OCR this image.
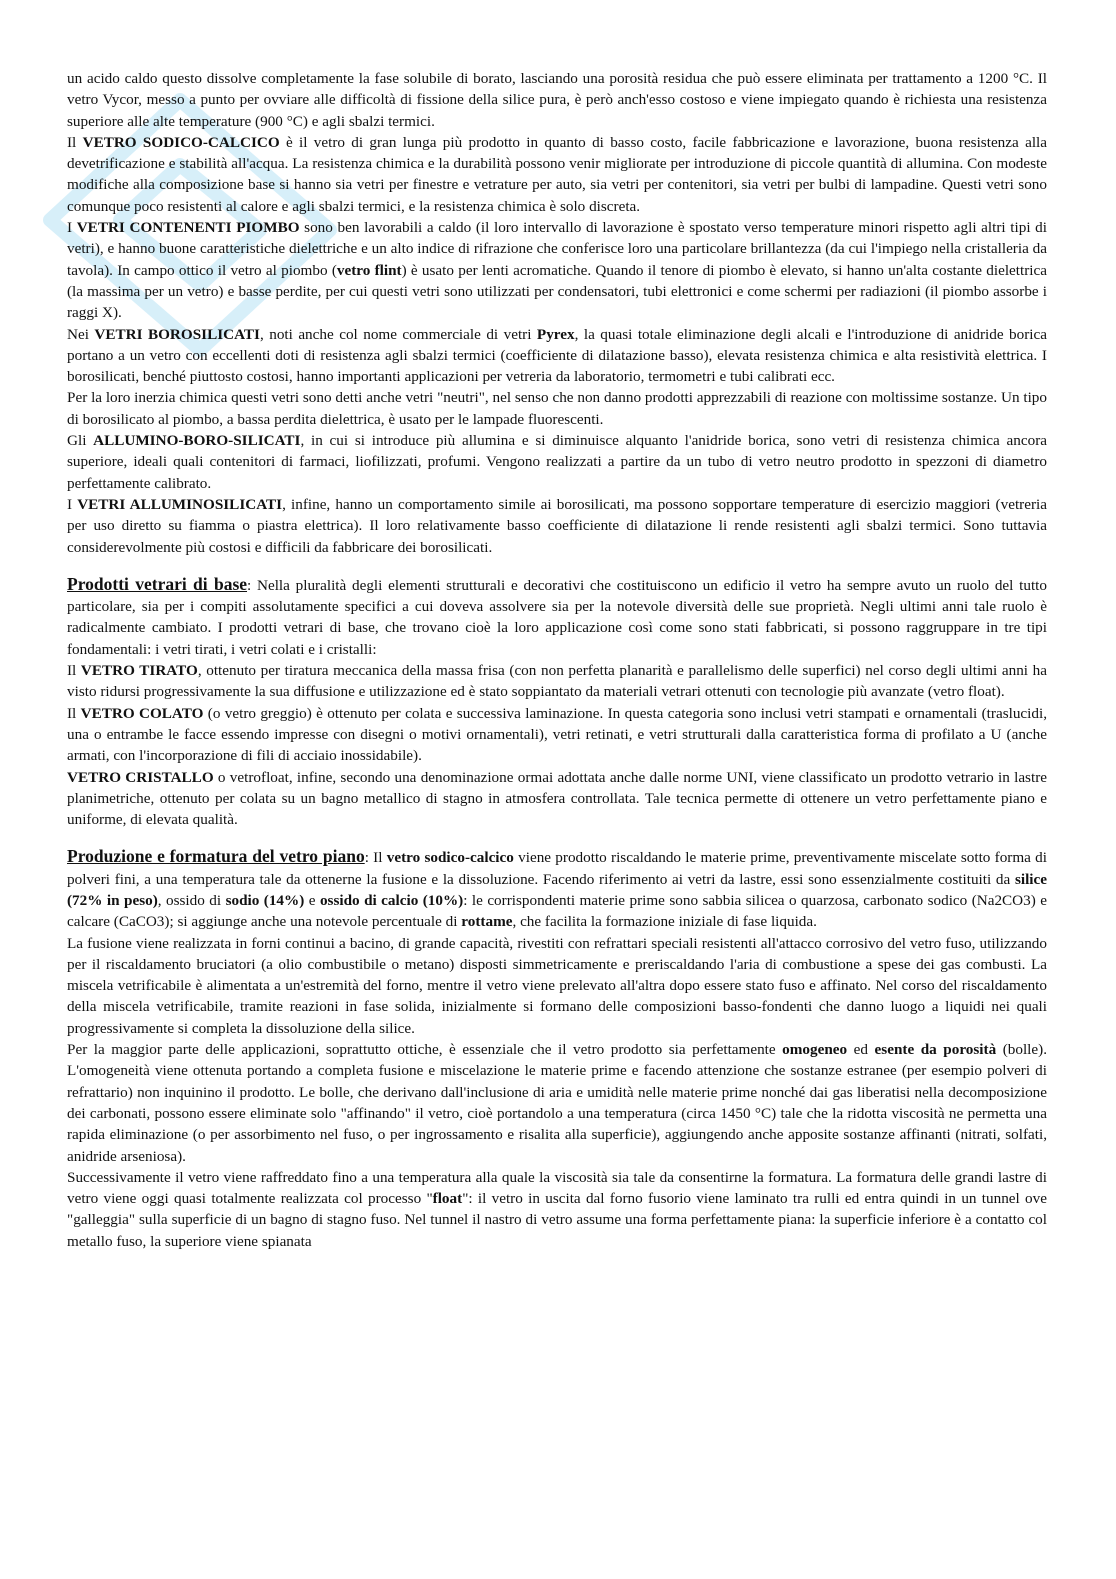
un acido caldo questo dissolve completamente la fase solubile di borato, lasciando una porosità residua che può essere eliminata per trattamento a 1200 °C. Il vetro Vycor, messo a punto per ovviare alle difficoltà di fissione della silice pura, è però anch'esso costoso e viene impiegato quando è richiesta una resistenza superiore alle alte temperature (900 °C) e agli sbalzi termici.

Il VETRO SODICO-CALCICO è il vetro di gran lunga più prodotto in quanto di basso costo, facile fabbricazione e lavorazione, buona resistenza alla devetrificazione e stabilità all'acqua. La resistenza chimica e la durabilità possono venir migliorate per introduzione di piccole quantità di allumina. Con modeste modifiche alla composizione base si hanno sia vetri per finestre e vetrature per auto, sia vetri per contenitori, sia vetri per bulbi di lampadine. Questi vetri sono comunque poco resistenti al calore e agli sbalzi termici, e la resistenza chimica è solo discreta.

I VETRI CONTENENTI PIOMBO sono ben lavorabili a caldo (il loro intervallo di lavorazione è spostato verso temperature minori rispetto agli altri tipi di vetri), e hanno buone caratteristiche dielettriche e un alto indice di rifrazione che conferisce loro una particolare brillantezza (da cui l'impiego nella cristalleria da tavola). In campo ottico il vetro al piombo (vetro flint) è usato per lenti acromatiche. Quando il tenore di piombo è elevato, si hanno un'alta costante dielettrica (la massima per un vetro) e basse perdite, per cui questi vetri sono utilizzati per condensatori, tubi elettronici e come schermi per radiazioni (il piombo assorbe i raggi X).

Nei VETRI BOROSILICATI, noti anche col nome commerciale di vetri Pyrex, la quasi totale eliminazione degli alcali e l'introduzione di anidride borica portano a un vetro con eccellenti doti di resistenza agli sbalzi termici (coefficiente di dilatazione basso), elevata resistenza chimica e alta resistività elettrica. I borosilicati, benché piuttosto costosi, hanno importanti applicazioni per vetreria da laboratorio, termometri e tubi calibrati ecc.

Per la loro inerzia chimica questi vetri sono detti anche vetri "neutri", nel senso che non danno prodotti apprezzabili di reazione con moltissime sostanze. Un tipo di borosilicato al piombo, a bassa perdita dielettrica, è usato per le lampade fluorescenti.

Gli ALLUMINO-BORO-SILICATI, in cui si introduce più allumina e si diminuisce alquanto l'anidride borica, sono vetri di resistenza chimica ancora superiore, ideali quali contenitori di farmaci, liofilizzati, profumi. Vengono realizzati a partire da un tubo di vetro neutro prodotto in spezzoni di diametro perfettamente calibrato.

I VETRI ALLUMINOSILICATI, infine, hanno un comportamento simile ai borosilicati, ma possono sopportare temperature di esercizio maggiori (vetreria per uso diretto su fiamma o piastra elettrica). Il loro relativamente basso coefficiente di dilatazione li rende resistenti agli sbalzi termici. Sono tuttavia considerevolmente più costosi e difficili da fabbricare dei borosilicati.

Prodotti vetrari di base: Nella pluralità degli elementi strutturali e decorativi che costituiscono un edificio il vetro ha sempre avuto un ruolo del tutto particolare, sia per i compiti assolutamente specifici a cui doveva assolvere sia per la notevole diversità delle sue proprietà. Negli ultimi anni tale ruolo è radicalmente cambiato. I prodotti vetrari di base, che trovano cioè la loro applicazione così come sono stati fabbricati, si possono raggruppare in tre tipi fondamentali: i vetri tirati, i vetri colati e i cristalli:

Il VETRO TIRATO, ottenuto per tiratura meccanica della massa frisa (con non perfetta planarità e parallelismo delle superfici) nel corso degli ultimi anni ha visto ridursi progressivamente la sua diffusione e utilizzazione ed è stato soppiantato da materiali vetrari ottenuti con tecnologie più avanzate (vetro float).

Il VETRO COLATO (o vetro greggio) è ottenuto per colata e successiva laminazione. In questa categoria sono inclusi vetri stampati e ornamentali (traslucidi, una o entrambe le facce essendo impresse con disegni o motivi ornamentali), vetri retinati, e vetri strutturali dalla caratteristica forma di profilato a U (anche armati, con l'incorporazione di fili di acciaio inossidabile).

VETRO CRISTALLO o vetrofloat, infine, secondo una denominazione ormai adottata anche dalle norme UNI, viene classificato un prodotto vetrario in lastre planimetriche, ottenuto per colata su un bagno metallico di stagno in atmosfera controllata. Tale tecnica permette di ottenere un vetro perfettamente piano e uniforme, di elevata qualità.

Produzione e formatura del vetro piano: Il vetro sodico-calcico viene prodotto riscaldando le materie prime, preventivamente miscelate sotto forma di polveri fini, a una temperatura tale da ottenerne la fusione e la dissoluzione. Facendo riferimento ai vetri da lastre, essi sono essenzialmente costituiti da silice (72% in peso), ossido di sodio (14%) e ossido di calcio (10%): le corrispondenti materie prime sono sabbia silicea o quarzosa, carbonato sodico (Na2CO3) e calcare (CaCO3); si aggiunge anche una notevole percentuale di rottame, che facilita la formazione iniziale di fase liquida.

La fusione viene realizzata in forni continui a bacino, di grande capacità, rivestiti con refrattari speciali resistenti all'attacco corrosivo del vetro fuso, utilizzando per il riscaldamento bruciatori (a olio combustibile o metano) disposti simmetricamente e preriscaldando l'aria di combustione a spese dei gas combusti. La miscela vetrificabile è alimentata a un'estremità del forno, mentre il vetro viene prelevato all'altra dopo essere stato fuso e affinato. Nel corso del riscaldamento della miscela vetrificabile, tramite reazioni in fase solida, inizialmente si formano delle composizioni basso-fondenti che danno luogo a liquidi nei quali progressivamente si completa la dissoluzione della silice.

Per la maggior parte delle applicazioni, soprattutto ottiche, è essenziale che il vetro prodotto sia perfettamente omogeneo ed esente da porosità (bolle). L'omogeneità viene ottenuta portando a completa fusione e miscelazione le materie prime e facendo attenzione che sostanze estranee (per esempio polveri di refrattario) non inquinino il prodotto. Le bolle, che derivano dall'inclusione di aria e umidità nelle materie prime nonché dai gas liberatisi nella decomposizione dei carbonati, possono essere eliminate solo "affinando" il vetro, cioè portandolo a una temperatura (circa 1450 °C) tale che la ridotta viscosità ne permetta una rapida eliminazione (o per assorbimento nel fuso, o per ingrossamento e risalita alla superficie), aggiungendo anche apposite sostanze affinanti (nitrati, solfati, anidride arseniosa).

Successivamente il vetro viene raffreddato fino a una temperatura alla quale la viscosità sia tale da consentirne la formatura. La formatura delle grandi lastre di vetro viene oggi quasi totalmente realizzata col processo "float": il vetro in uscita dal forno fusorio viene laminato tra rulli ed entra quindi in un tunnel ove "galleggia" sulla superficie di un bagno di stagno fuso. Nel tunnel il nastro di vetro assume una forma perfettamente piana: la superficie inferiore è a contatto col metallo fuso, la superiore viene spianata
